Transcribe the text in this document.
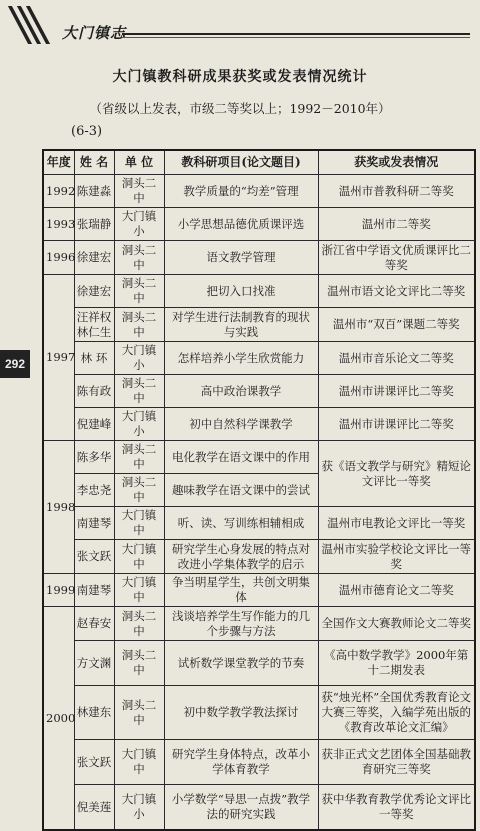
大门镇志
大门镇教科研成果获奖或发表情况统计
（省级以上发表，市级二等奖以上；1992－2010年）
(6-3)
292
年度	姓 名	单 位	教科研项目(论文题目)	获奖或发表情况
1992	陈建淼	洞头二中	教学质量的“均差”管理	温州市普教科研二等奖
1993	张瑞静	大门镇小	小学思想品德优质课评选	温州市二等奖
1996	徐建宏	洞头二中	语文教学管理	浙江省中学语文优质课评比二等奖
1997	徐建宏	洞头二中	把切入口找准	温州市语文论文评比二等奖
	汪祥权林仁生	洞头二中	对学生进行法制教育的现状与实践	温州市“双百”课题二等奖
	林 环	大门镇小	怎样培养小学生欣赏能力	温州市音乐论文二等奖
	陈有政	洞头二中	高中政治课教学	温州市讲课评比二等奖
	倪建峰	大门镇小	初中自然科学课教学	温州市讲课评比二等奖
1998	陈多华	洞头二中	电化教学在语文课中的作用	获《语文教学与研究》精短论文评比一等奖
	李忠尧	洞头二中	趣味教学在语文课中的尝试	
	南建琴	大门镇中	听、读、写训练相辅相成	温州市电教论文评比一等奖
	张文跃	大门镇中	研究学生心身发展的特点对改进小学集体教学的启示	温州市实验学校论文评比一等奖
1999	南建琴	大门镇中	争当明星学生，共创文明集体	温州市德育论文二等奖
2000	赵春安	洞头二中	浅谈培养学生写作能力的几个步骤与方法	全国作文大赛教师论文二等奖
	方文渊	洞头二中	试析数学课堂教学的节奏	《高中数学教学》2000年第十二期发表
	林建东	洞头二中	初中数学教学教法探讨	获“烛光杯”全国优秀教育论文大赛三等奖，入编学苑出版的《教育改革论文汇编》
	张文跃	大门镇中	研究学生身体特点，改革小学体育教学	获非正式文艺团体全国基础教育研究三等奖
	倪美莲	大门镇小	小学数学“导思一点拨”教学法的研究实践	获中华教育教学优秀论文评比一等奖
